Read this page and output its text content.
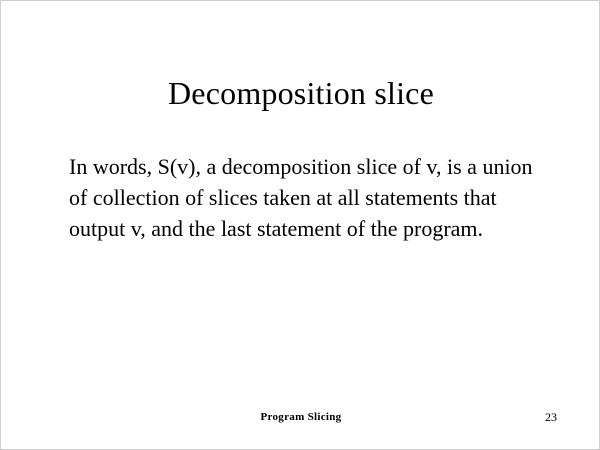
Decomposition slice

In words, S(v), a decomposition slice of v, is a union of collection of slices taken at all statements that output v, and the last statement of the program.

Program Slicing	23
